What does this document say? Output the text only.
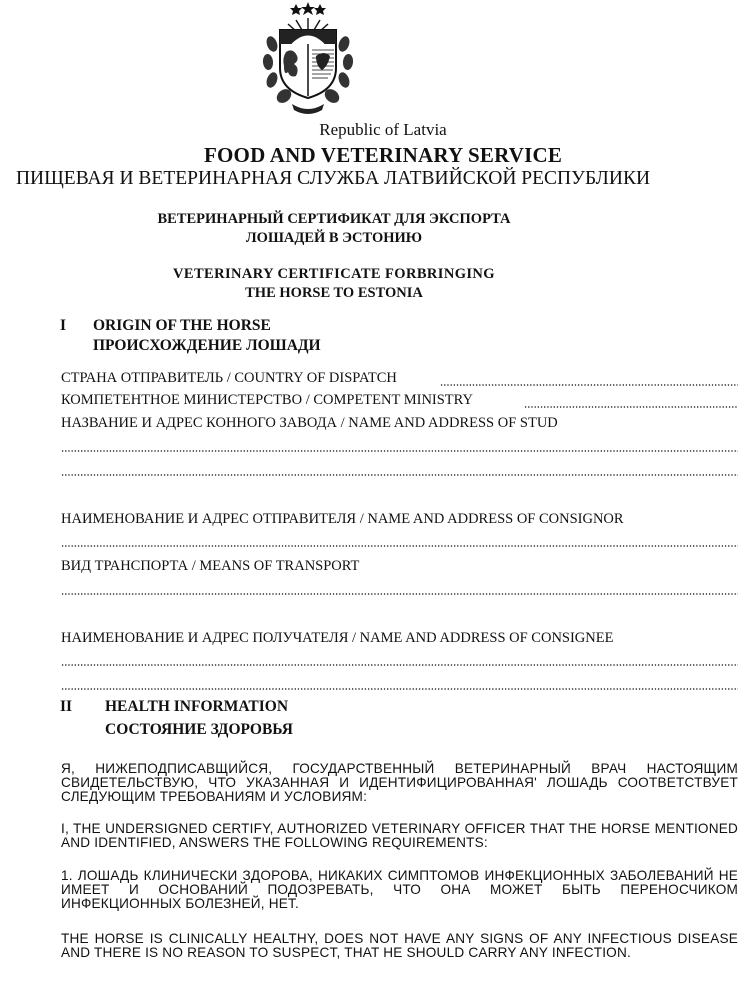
Republic of Latvia
FOOD AND VETERINARY SERVICE
ПИЩЕВАЯ И ВЕТЕРИНАРНАЯ СЛУЖБА ЛАТВИЙСКОЙ РЕСПУБЛИКИ
ВЕТЕРИНАРНЫЙ СЕРТИФИКАТ ДЛЯ ЭКСПОРТА
ЛОШАДЕЙ В ЭСТОНИЮ
VETERINARY CERTIFICATE FORBRINGING
THE HORSE TO ESTONIA
I ORIGIN OF THE HORSE
ПРОИСХОЖДЕНИЕ ЛОШАДИ
СТРАНА ОТПРАВИТЕЛЬ / COUNTRY OF DISPATCH
КОМПЕТЕНТНОЕ МИНИСТЕРСТВО / COMPETENT MINISTRY
НАЗВАНИЕ И АДРЕС КОННОГО ЗАВОДА / NAME AND ADDRESS OF STUD
НАИМЕНОВАНИЕ И АДРЕС ОТПРАВИТЕЛЯ / NAME AND ADDRESS OF CONSIGNOR
ВИД ТРАНСПОРТА / MEANS OF TRANSPORT
НАИМЕНОВАНИЕ И АДРЕС ПОЛУЧАТЕЛЯ / NAME AND ADDRESS OF CONSIGNEE
II HEALTH INFORMATION
СОСТОЯНИЕ ЗДОРОВЬЯ
Я, НИЖЕПОДПИСАВЩИЙСЯ, ГОСУДАРСТВЕННЫЙ ВЕТЕРИНАРНЫЙ ВРАЧ НАСТОЯЩИМ СВИДЕТЕЛЬСТВУЮ, ЧТО УКАЗАННАЯ И ИДЕНТИФИЦИРОВАННАЯ' ЛОШАДЬ СООТВЕТСТВУЕТ СЛЕДУЮЩИМ ТРЕБОВАНИЯМ И УСЛОВИЯМ:
I, THE UNDERSIGNED CERTIFY, AUTHORIZED VETERINARY OFFICER THAT THE HORSE MENTIONED AND IDENTIFIED, ANSWERS THE FOLLOWING REQUIREMENTS:
1. ЛОШАДЬ КЛИНИЧЕСКИ ЗДОРОВА, НИКАКИХ СИМПТОМОВ ИНФЕКЦИОННЫХ ЗАБОЛЕВАНИЙ НЕ ИМЕЕТ И ОСНОВАНИЙ ПОДОЗРЕВАТЬ, ЧТО ОНА МОЖЕТ БЫТЬ ПЕРЕНОСЧИКОМ ИНФЕКЦИОННЫХ БОЛЕЗНЕЙ, НЕТ.
THE HORSE IS CLINICALLY HEALTHY, DOES NOT HAVE ANY SIGNS OF ANY INFECTIOUS DISEASE AND THERE IS NO REASON TO SUSPECT, THAT HE SHOULD CARRY ANY INFECTION.
